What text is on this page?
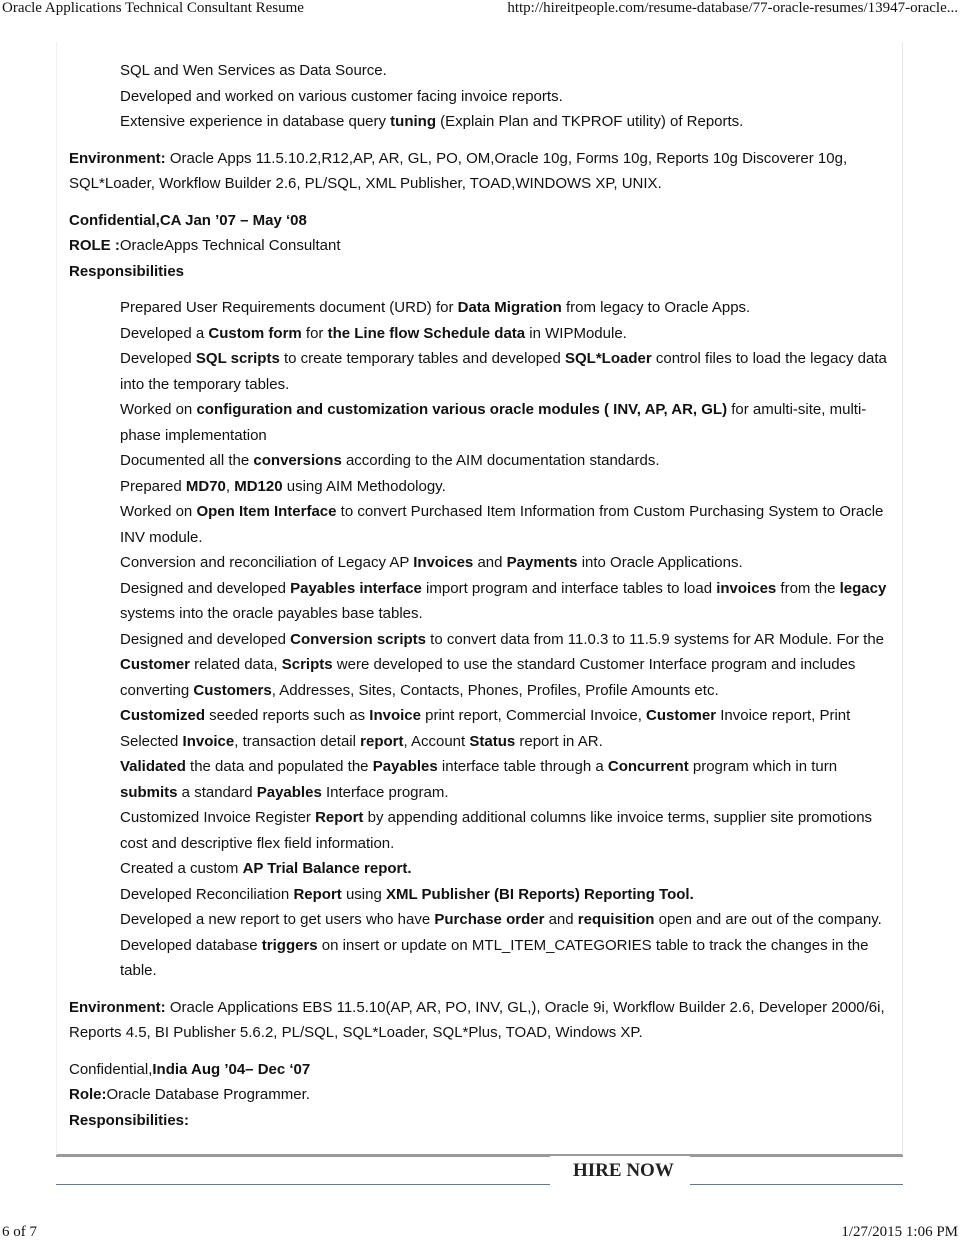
Oracle Applications Technical Consultant Resume	http://hireitpeople.com/resume-database/77-oracle-resumes/13947-oracle...
SQL and Wen Services as Data Source.
Developed and worked on various customer facing invoice reports.
Extensive experience in database query tuning (Explain Plan and TKPROF utility) of Reports.
Environment: Oracle Apps 11.5.10.2,R12,AP, AR, GL, PO, OM,Oracle 10g, Forms 10g, Reports 10g Discoverer 10g, SQL*Loader, Workflow Builder 2.6, PL/SQL, XML Publisher, TOAD,WINDOWS XP, UNIX.
Confidential,CA Jan ’07 – May ‘08
ROLE :OracleApps Technical Consultant
Responsibilities
Prepared User Requirements document (URD) for Data Migration from legacy to Oracle Apps.
Developed a Custom form for the Line flow Schedule data in WIPModule.
Developed SQL scripts to create temporary tables and developed SQL*Loader control files to load the legacy data into the temporary tables.
Worked on configuration and customization various oracle modules ( INV, AP, AR, GL) for amulti-site, multi-phase implementation
Documented all the conversions according to the AIM documentation standards.
Prepared MD70, MD120 using AIM Methodology.
Worked on Open Item Interface to convert Purchased Item Information from Custom Purchasing System to Oracle INV module.
Conversion and reconciliation of Legacy AP Invoices and Payments into Oracle Applications.
Designed and developed Payables interface import program and interface tables to load invoices from the legacy systems into the oracle payables base tables.
Designed and developed Conversion scripts to convert data from 11.0.3 to 11.5.9 systems for AR Module. For the Customer related data, Scripts were developed to use the standard Customer Interface program and includes converting Customers, Addresses, Sites, Contacts, Phones, Profiles, Profile Amounts etc.
Customized seeded reports such as Invoice print report, Commercial Invoice, Customer Invoice report, Print Selected Invoice, transaction detail report, Account Status report in AR.
Validated the data and populated the Payables interface table through a Concurrent program which in turn submits a standard Payables Interface program.
Customized Invoice Register Report by appending additional columns like invoice terms, supplier site promotions cost and descriptive flex field information.
Created a custom AP Trial Balance report.
Developed Reconciliation Report using XML Publisher (BI Reports) Reporting Tool.
Developed a new report to get users who have Purchase order and requisition open and are out of the company.
Developed database triggers on insert or update on MTL_ITEM_CATEGORIES table to track the changes in the table.
Environment: Oracle Applications EBS 11.5.10(AP, AR, PO, INV, GL,), Oracle 9i, Workflow Builder 2.6, Developer 2000/6i, Reports 4.5, BI Publisher 5.6.2, PL/SQL, SQL*Loader, SQL*Plus, TOAD, Windows XP.
Confidential,India Aug ’04– Dec ‘07
Role:Oracle Database Programmer.
Responsibilities:
HIRE NOW
6 of 7	1/27/2015 1:06 PM
